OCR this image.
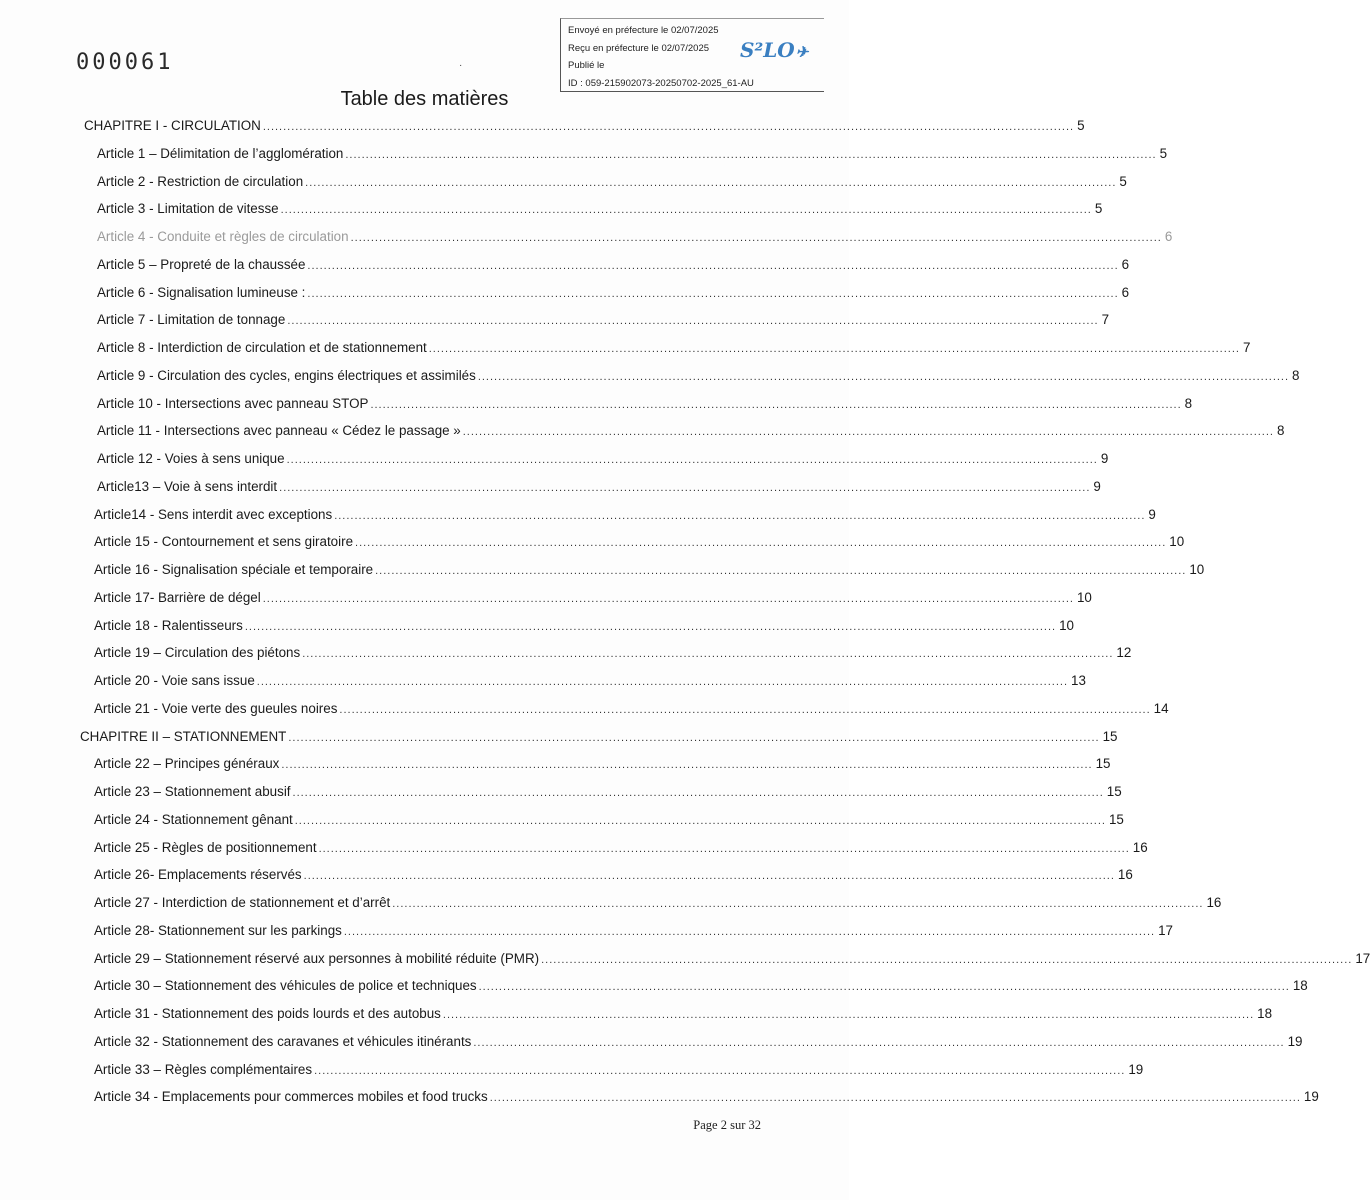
000061	·
Envoyé en préfecture le 02/07/2025
Reçu en préfecture le 02/07/2025
Publié le
ID : 059-215902073-20250702-2025_61-AU
S²LO✈
Table des matières
CHAPITRE I - CIRCULATION ........................................................................................................................................................................................................ 5
Article 1 – Délimitation de l’agglomération ........................................................................................................................................................................................................ 5
Article 2 - Restriction de circulation ........................................................................................................................................................................................................ 5
Article 3 - Limitation de vitesse ........................................................................................................................................................................................................ 5
Article 4 - Conduite et règles de circulation ........................................................................................................................................................................................................ 6
Article 5 – Propreté de la chaussée ........................................................................................................................................................................................................ 6
Article 6 - Signalisation lumineuse : ........................................................................................................................................................................................................ 6
Article 7 - Limitation de tonnage ........................................................................................................................................................................................................ 7
Article 8 - Interdiction de circulation et de stationnement ........................................................................................................................................................................................................ 7
Article 9 - Circulation des cycles, engins électriques et assimilés ........................................................................................................................................................................................................ 8
Article 10 - Intersections avec panneau STOP ........................................................................................................................................................................................................ 8
Article 11 - Intersections avec panneau « Cédez le passage » ........................................................................................................................................................................................................ 8
Article 12 - Voies à sens unique ........................................................................................................................................................................................................ 9
Article13 – Voie à sens interdit ........................................................................................................................................................................................................ 9
Article14 - Sens interdit avec exceptions ........................................................................................................................................................................................................ 9
Article 15 - Contournement et sens giratoire ........................................................................................................................................................................................................ 10
Article 16 - Signalisation spéciale et temporaire ........................................................................................................................................................................................................ 10
Article 17- Barrière de dégel ........................................................................................................................................................................................................ 10
Article 18 - Ralentisseurs ........................................................................................................................................................................................................ 10
Article 19 – Circulation des piétons ........................................................................................................................................................................................................ 12
Article 20 - Voie sans issue ........................................................................................................................................................................................................ 13
Article 21 - Voie verte des gueules noires ........................................................................................................................................................................................................ 14
CHAPITRE II – STATIONNEMENT ........................................................................................................................................................................................................ 15
Article 22 – Principes généraux ........................................................................................................................................................................................................ 15
Article 23 – Stationnement abusif ........................................................................................................................................................................................................ 15
Article 24 - Stationnement gênant ........................................................................................................................................................................................................ 15
Article 25 - Règles de positionnement ........................................................................................................................................................................................................ 16
Article 26- Emplacements réservés ........................................................................................................................................................................................................ 16
Article 27 - Interdiction de stationnement et d’arrêt ........................................................................................................................................................................................................ 16
Article 28- Stationnement sur les parkings ........................................................................................................................................................................................................ 17
Article 29 – Stationnement réservé aux personnes à mobilité réduite (PMR) ........................................................................................................................................................................................................ 17
Article 30 – Stationnement des véhicules de police et techniques ........................................................................................................................................................................................................ 18
Article 31 - Stationnement des poids lourds et des autobus ........................................................................................................................................................................................................ 18
Article 32 - Stationnement des caravanes et véhicules itinérants ........................................................................................................................................................................................................ 19
Article 33 – Règles complémentaires ........................................................................................................................................................................................................ 19
Article 34 - Emplacements pour commerces mobiles et food trucks ........................................................................................................................................................................................................ 19
Page 2 sur 32
